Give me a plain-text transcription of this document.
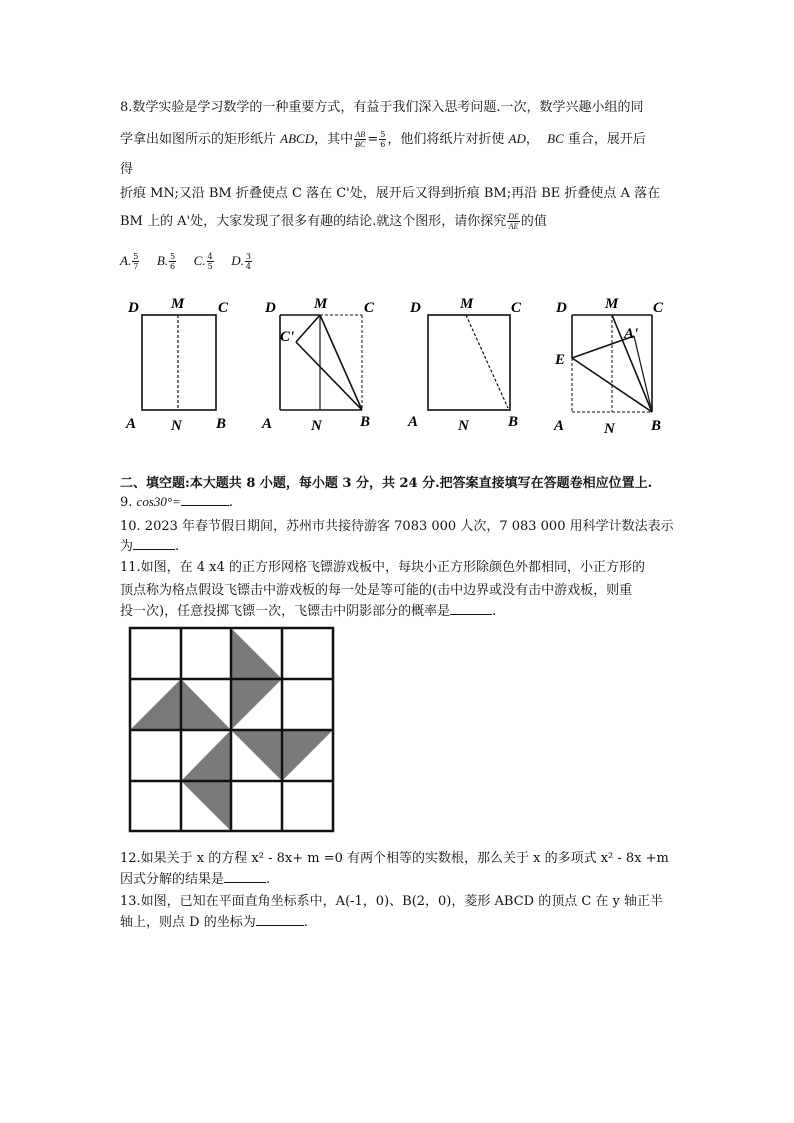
8.数学实验是学习数学的一种重要方式，有益于我们深入思考问题.一次，数学兴趣小组的同
学拿出如图所示的矩形纸片 ABCD，其中 $\frac{AB}{BC} = \frac{5}{6}$ ，他们将纸片对折使 AD， BC 重合，展开后
得
折痕 MN;又沿 BM 折叠使点 C 落在 C'处，展开后又得到折痕 BM;再沿 BE 折叠使点 A 落在
BM 上的 A'处，大家发现了很多有趣的结论.就这个图形，请你探究 $\frac{DE}{AE}$ 的值
A. $\frac{5}{7} B$. $\frac{5}{6} C$. $\frac{4}{5} D$. $\frac{3}{4}$
D M C
A N B
D	M C
C'
A	N	B
D	M	C
A	N	B
D	M C
E
A'
A	N B
二、填空题:本大题共 8 小题，每小题 3 分，共 24 分.把答案直接填写在答题卷相应位置上.
9. cos30°=	.
10. 2023 年春节假日期间，苏州市共接待游客 7083 000 人次，7 083 000 用科学计数法表示
为	.
11.如图，在 4 x4 的正方形网格飞镖游戏板中，每块小正方形除颜色外都相同，小正方形的
顶点称为格点假设飞镖击中游戏板的每一处是等可能的(击中边界或没有击中游戏板，则重
投一次)，任意投掷飞镖一次，飞镖击中阴影部分的概率是	.
12.如果关于 x 的方程 x² - 8x+ m =0 有两个相等的实数根，那么关于 x 的多项式 x² - 8x +m
因式分解的结果是	.
13.如图，已知在平面直角坐标系中，A(-1，0)、B(2，0)，菱形 ABCD 的顶点 C 在 y 轴正半
轴上，则点 D 的坐标为	.
